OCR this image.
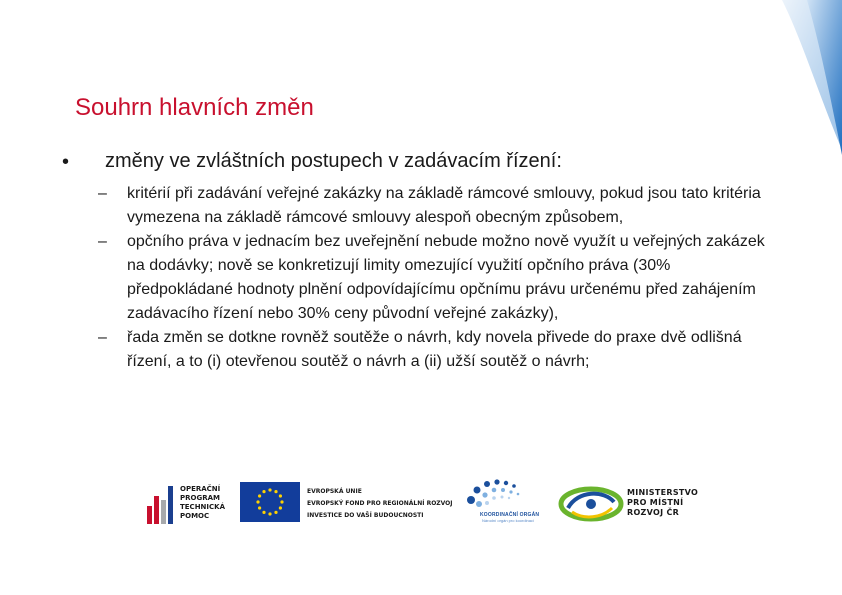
Souhrn hlavních změn
• změny ve zvláštních postupech v zadávacím řízení:
– kritérií při zadávání veřejné zakázky na základě rámcové smlouvy, pokud jsou tato kritéria vymezena na základě rámcové smlouvy alespoň obecným způsobem,
– opčního práva v jednacím bez uveřejnění nebude možno nově využít u veřejných zakázek na dodávky; nově se konkretizují limity omezující využití opčního práva (30% předpokládané hodnoty plnění odpovídajícímu opčnímu právu určenému před zahájením zadávacího řízení nebo 30% ceny původní veřejné zakázky),
– řada změn se dotkne rovněž soutěže o návrh, kdy novela přivede do praxe dvě odlišná řízení, a to (i) otevřenou soutěž o návrh a (ii) užší soutěž o návrh;
OPERAČNÍ
PROGRAM
TECHNICKÁ
POMOC
EVROPSKÁ UNIE
EVROPSKÝ FOND PRO REGIONÁLNÍ ROZVOJ
INVESTICE DO VAŠÍ BUDOUCNOSTI	KOORDINAČNÍ ORGÁN
Národní orgán pro koordinaci
MINISTERSTVO
PRO MÍSTNÍ
ROZVOJ ČR
